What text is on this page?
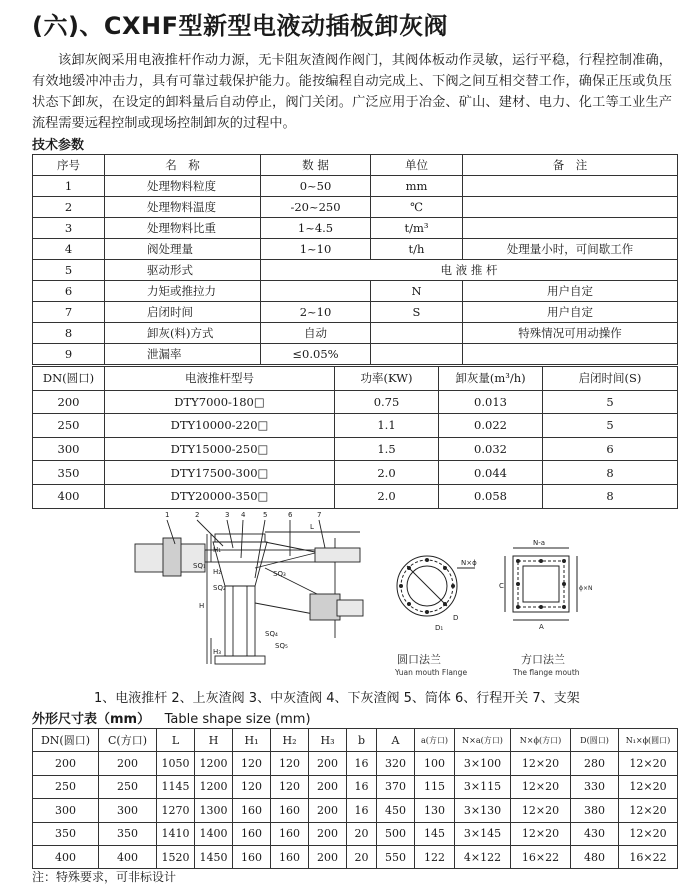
(六)、CXHF型新型电液动插板卸灰阀
该卸灰阀采用电液推杆作动力源，无卡阻灰渣阀作阀门，其阀体板动作灵敏，运行平稳，行程控制准确，有效地缓冲冲击力，具有可靠过载保护能力。能按编程自动完成上、下阀之间互相交替工作，确保正压或负压状态下卸灰，在设定的卸料量后自动停止，阀门关闭。广泛应用于冶金、矿山、建材、电力、化工等工业生产流程需要远程控制或现场控制卸灰的过程中。
技术参数
序号	名　称	数 据	单位	备　注
1	处理物料粒度	0~50	mm	
2	处理物料温度	-20~250	℃	
3	处理物料比重	1~4.5	t/m³	
4	阀处理量	1~10	t/h	处理量小时，可间歇工作
5	驱动形式	电 液 推 杆		
6	力矩或推拉力		N	用户自定
7	启闭时间	2~10	S	用户自定
8	卸灰(料)方式	自动		特殊情况可用动操作
9	泄漏率	≤0.05%		
DN(圆口)	电液推杆型号	功率(KW)	卸灰量(m³/h)	启闭时间(S)
200	DTY7000-180□	0.75	0.013	5
250	DTY10000-220□	1.1	0.022	5
300	DTY15000-250□	1.5	0.032	6
350	DTY17500-300□	2.0	0.044	8
400	DTY20000-350□	2.0	0.058	8
1	2	3 4	5	6	7
H
H₁
H₂
H₃
L
SQ₁
SQ₂
SQ₃
SQ₄
SQ₅
N×ϕ
D₁
D
圆口法兰
Yuan mouth Flange
N-a
ϕ×N
C
A
方口法兰
The flange mouth
1、电液推杆 2、上灰渣阀 3、中灰渣阀 4、下灰渣阀 5、筒体 6、行程开关 7、支架
外形尺寸表（mm） Table shape size (mm)
DN(圆口)	C(方口)	L	H	H₁	H₂	H₃	b	A	a(方口)	N×a(方口)	N×ϕ(方口)	D(圆口)	N₁×ϕ(圆口)
200	200	1050	1200	120	120	200	16	320	100	3×100	12×20	280	12×20
250	250	1145	1200	120	120	200	16	370	115	3×115	12×20	330	12×20
300	300	1270	1300	160	160	200	16	450	130	3×130	12×20	380	12×20
350	350	1410	1400	160	160	200	20	500	145	3×145	12×20	430	12×20
400	400	1520	1450	160	160	200	20	550	122	4×122	16×22	480	16×22
注：特殊要求，可非标设计
